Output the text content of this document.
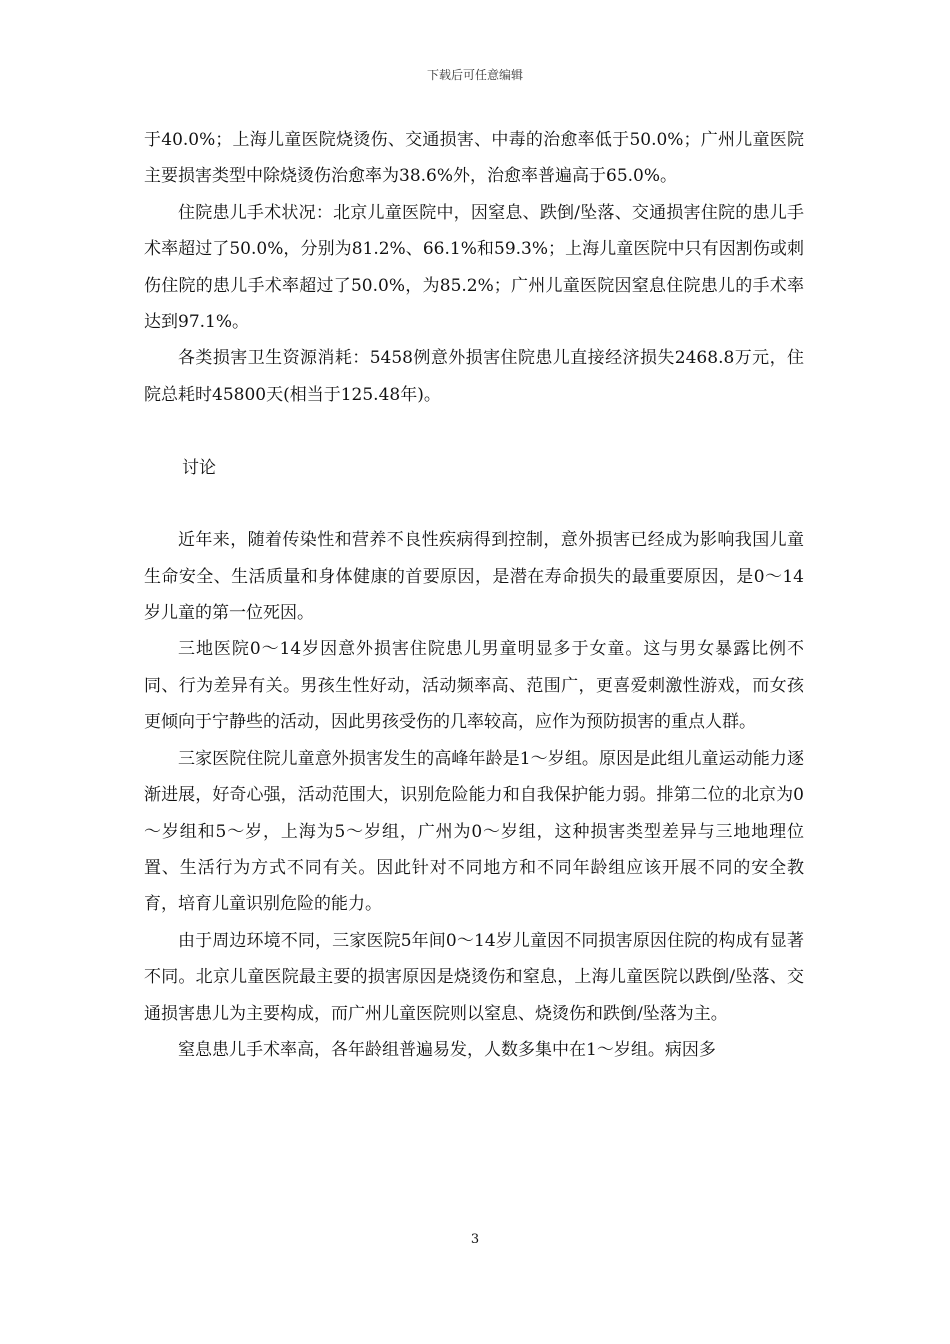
下载后可任意编辑

于40.0%；上海儿童医院烧烫伤、交通损害、中毒的治愈率低于50.0%；广州儿童医院主要损害类型中除烧烫伤治愈率为38.6%外，治愈率普遍高于65.0%。

住院患儿手术状况：北京儿童医院中，因窒息、跌倒/坠落、交通损害住院的患儿手术率超过了50.0%，分别为81.2%、66.1%和59.3%；上海儿童医院中只有因割伤或刺伤住院的患儿手术率超过了50.0%，为85.2%；广州儿童医院因窒息住院患儿的手术率达到97.1%。

各类损害卫生资源消耗：5458例意外损害住院患儿直接经济损失2468.8万元，住院总耗时45800天(相当于125.48年)。

讨论

近年来，随着传染性和营养不良性疾病得到控制，意外损害已经成为影响我国儿童生命安全、生活质量和身体健康的首要原因，是潜在寿命损失的最重要原因，是0～14岁儿童的第一位死因。

三地医院0～14岁因意外损害住院患儿男童明显多于女童。这与男女暴露比例不同、行为差异有关。男孩生性好动，活动频率高、范围广，更喜爱刺激性游戏，而女孩更倾向于宁静些的活动，因此男孩受伤的几率较高，应作为预防损害的重点人群。

三家医院住院儿童意外损害发生的高峰年龄是1～岁组。原因是此组儿童运动能力逐渐进展，好奇心强，活动范围大，识别危险能力和自我保护能力弱。排第二位的北京为0～岁组和5～岁，上海为5～岁组，广州为0～岁组，这种损害类型差异与三地地理位置、生活行为方式不同有关。因此针对不同地方和不同年龄组应该开展不同的安全教育，培育儿童识别危险的能力。

由于周边环境不同，三家医院5年间0～14岁儿童因不同损害原因住院的构成有显著不同。北京儿童医院最主要的损害原因是烧烫伤和窒息，上海儿童医院以跌倒/坠落、交通损害患儿为主要构成，而广州儿童医院则以窒息、烧烫伤和跌倒/坠落为主。

窒息患儿手术率高，各年龄组普遍易发，人数多集中在1～岁组。病因多

3
